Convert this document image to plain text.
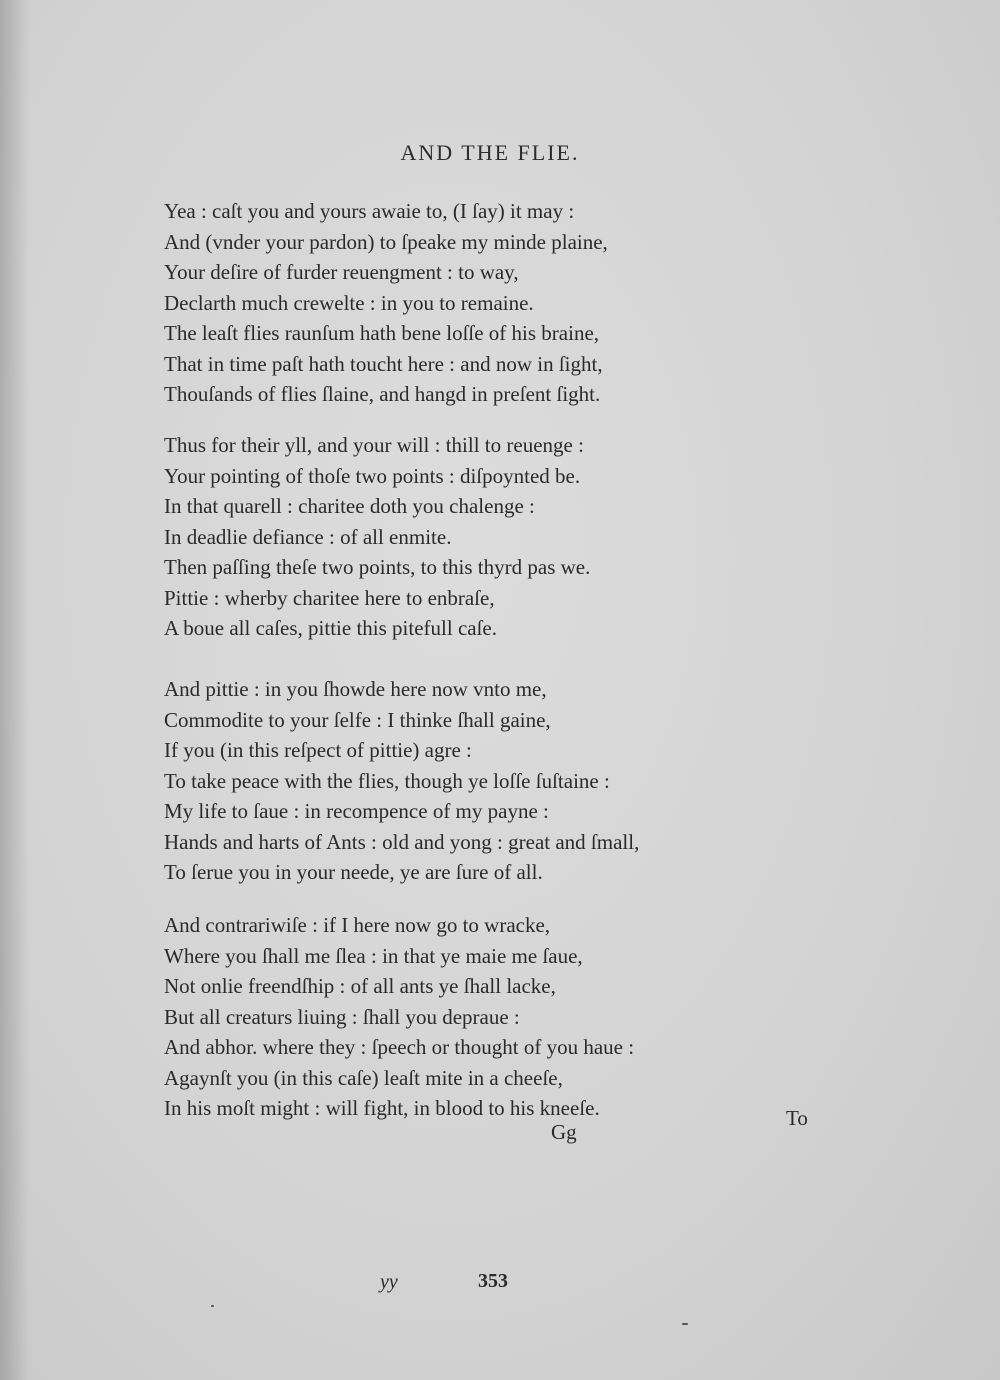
AND THE FLIE.
Yea : caſt you and yours awaie to, (I ſay) it may :
And (vnder your pardon) to ſpeake my minde plaine,
Your deſire of furder reuengment : to way,
Declarth much crewelte : in you to remaine.
The leaſt flies raunſum hath bene loſſe of his braine,
That in time paſt hath toucht here : and now in ſight,
Thouſands of flies ſlaine, and hangd in preſent ſight.
Thus for their yll, and your will : thill to reuenge :
Your pointing of thoſe two points : diſpoynted be.
In that quarell : charitee doth you chalenge :
In deadlie defiance : of all enmite.
Then paſſing theſe two points, to this thyrd pas we.
Pittie : wherby charitee here to enbraſe,
A boue all caſes, pittie this pitefull caſe.
And pittie : in you ſhowde here now vnto me,
Commodite to your ſelfe : I thinke ſhall gaine,
If you (in this reſpect of pittie) agre :
To take peace with the flies, though ye loſſe ſuſtaine :
My life to ſaue : in recompence of my payne :
Hands and harts of Ants : old and yong : great and ſmall,
To ſerue you in your neede, ye are ſure of all.
And contrariwiſe : if I here now go to wracke,
Where you ſhall me ſlea : in that ye maie me ſaue,
Not onlie freendſhip : of all ants ye ſhall lacke,
But all creaturs liuing : ſhall you depraue :
And abhor. where they : ſpeech or thought of you haue :
Agaynſt you (in this caſe) leaſt mite in a cheeſe,
In his moſt might : will fight, in blood to his kneeſe.
Gg
To
yy	353
